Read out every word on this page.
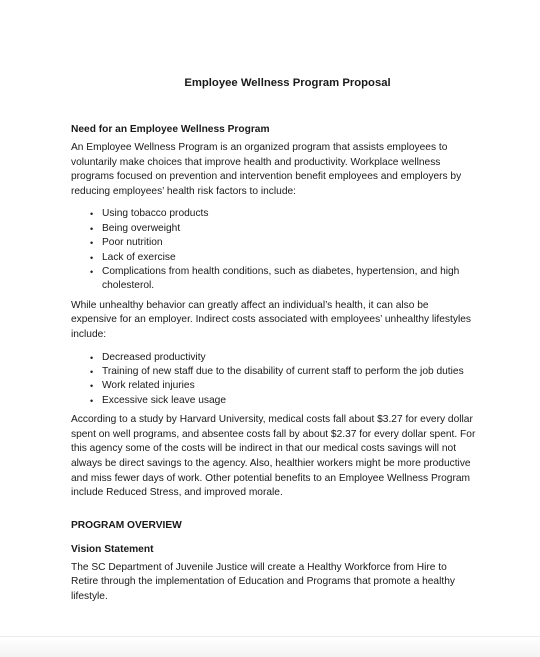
Employee Wellness Program Proposal
Need for an Employee Wellness Program

An Employee Wellness Program is an organized program that assists employees to voluntarily make choices that improve health and productivity. Workplace wellness programs focused on prevention and intervention benefit employees and employers by reducing employees’ health risk factors to include:

• Using tobacco products
• Being overweight
• Poor nutrition
• Lack of exercise
• Complications from health conditions, such as diabetes, hypertension, and high cholesterol.

While unhealthy behavior can greatly affect an individual’s health, it can also be expensive for an employer. Indirect costs associated with employees’ unhealthy lifestyles include:

• Decreased productivity
• Training of new staff due to the disability of current staff to perform the job duties
• Work related injuries
• Excessive sick leave usage

According to a study by Harvard University, medical costs fall about $3.27 for every dollar spent on well programs, and absentee costs fall by about $2.37 for every dollar spent. For this agency some of the costs will be indirect in that our medical costs savings will not always be direct savings to the agency. Also, healthier workers might be more productive and miss fewer days of work. Other potential benefits to an Employee Wellness Program include Reduced Stress, and improved morale.

PROGRAM OVERVIEW
Vision Statement

The SC Department of Juvenile Justice will create a Healthy Workforce from Hire to Retire through the implementation of Education and Programs that promote a healthy lifestyle.
